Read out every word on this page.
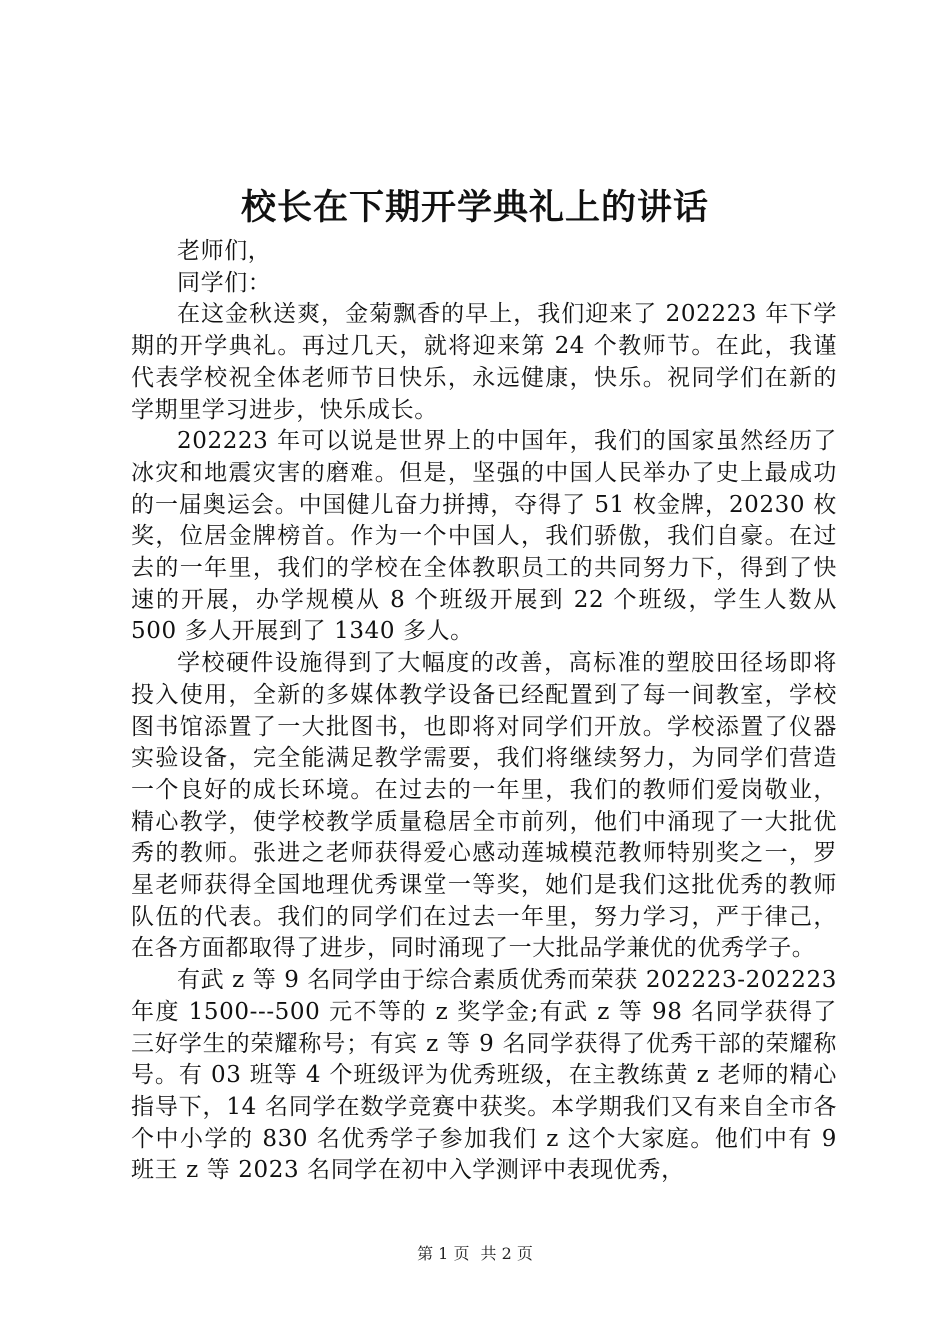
校长在下期开学典礼上的讲话

老师们，

同学们：

在这金秋送爽，金菊飘香的早上，我们迎来了 202223 年下学期的开学典礼。再过几天，就将迎来第 24 个教师节。在此，我谨代表学校祝全体老师节日快乐，永远健康，快乐。祝同学们在新的学期里学习进步，快乐成长。

202223 年可以说是世界上的中国年，我们的国家虽然经历了冰灾和地震灾害的磨难。但是，坚强的中国人民举办了史上最成功的一届奥运会。中国健儿奋力拼搏，夺得了 51 枚金牌，20230 枚奖，位居金牌榜首。作为一个中国人，我们骄傲，我们自豪。在过去的一年里，我们的学校在全体教职员工的共同努力下，得到了快速的开展，办学规模从 8 个班级开展到 22 个班级，学生人数从 500 多人开展到了 1340 多人。

学校硬件设施得到了大幅度的改善，高标准的塑胶田径场即将投入使用，全新的多媒体教学设备已经配置到了每一间教室，学校图书馆添置了一大批图书，也即将对同学们开放。学校添置了仪器实验设备，完全能满足教学需要，我们将继续努力，为同学们营造一个良好的成长环境。在过去的一年里，我们的教师们爱岗敬业，精心教学，使学校教学质量稳居全市前列，他们中涌现了一大批优秀的教师。张进之老师获得爱心感动莲城模范教师特别奖之一，罗星老师获得全国地理优秀课堂一等奖，她们是我们这批优秀的教师队伍的代表。我们的同学们在过去一年里，努力学习，严于律己，在各方面都取得了进步，同时涌现了一大批品学兼优的优秀学子。

有武 z 等 9 名同学由于综合素质优秀而荣获 202223-202223 年度 1500---500 元不等的 z 奖学金;有武 z 等 98 名同学获得了三好学生的荣耀称号；有宾 z 等 9 名同学获得了优秀干部的荣耀称号。有 03 班等 4 个班级评为优秀班级，在主教练黄 z 老师的精心指导下，14 名同学在数学竞赛中获奖。本学期我们又有来自全市各个中小学的 830 名优秀学子参加我们 z 这个大家庭。他们中有 9 班王 z 等 2023 名同学在初中入学测评中表现优秀，

第 1 页 共 2 页
